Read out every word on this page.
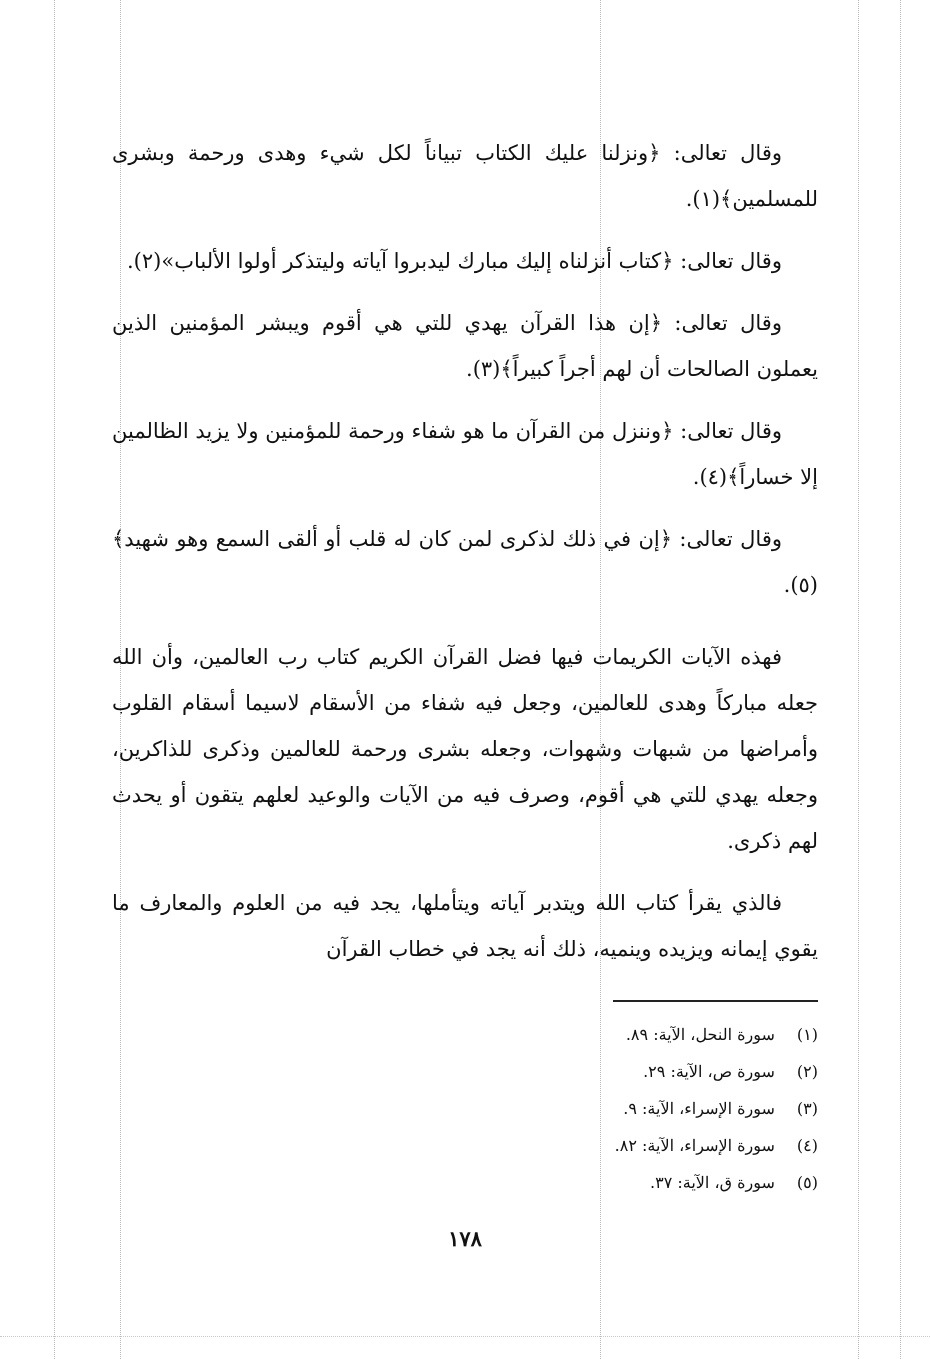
وقال تعالى: ﴿ونزلنا عليك الكتاب تبياناً لكل شيء وهدى ورحمة وبشرى للمسلمين﴾(١).

وقال تعالى: ﴿كتاب أنزلناه إليك مبارك ليدبروا آياته وليتذكر أولوا الألباب»(٢).

وقال تعالى: ﴿إن هذا القرآن يهدي للتي هي أقوم ويبشر المؤمنين الذين يعملون الصالحات أن لهم أجراً كبيراً﴾(٣).

وقال تعالى: ﴿وننزل من القرآن ما هو شفاء ورحمة للمؤمنين ولا يزيد الظالمين إلا خساراً﴾(٤).

وقال تعالى: ﴿إن في ذلك لذكرى لمن كان له قلب أو ألقى السمع وهو شهيد﴾(٥).

فهذه الآيات الكريمات فيها فضل القرآن الكريم كتاب رب العالمين، وأن الله جعله مباركاً وهدى للعالمين، وجعل فيه شفاء من الأسقام لاسيما أسقام القلوب وأمراضها من شبهات وشهوات، وجعله بشرى ورحمة للعالمين وذكرى للذاكرين، وجعله يهدي للتي هي أقوم، وصرف فيه من الآيات والوعيد لعلهم يتقون أو يحدث لهم ذكرى.

فالذي يقرأ كتاب الله ويتدبر آياته ويتأملها، يجد فيه من العلوم والمعارف ما يقوي إيمانه ويزيده وينميه، ذلك أنه يجد في خطاب القرآن

(١) سورة النحل، الآية: ٨٩.
(٢) سورة ص، الآية: ٢٩.
(٣) سورة الإسراء، الآية: ٩.
(٤) سورة الإسراء، الآية: ٨٢.
(٥) سورة ق، الآية: ٣٧.
١٧٨
